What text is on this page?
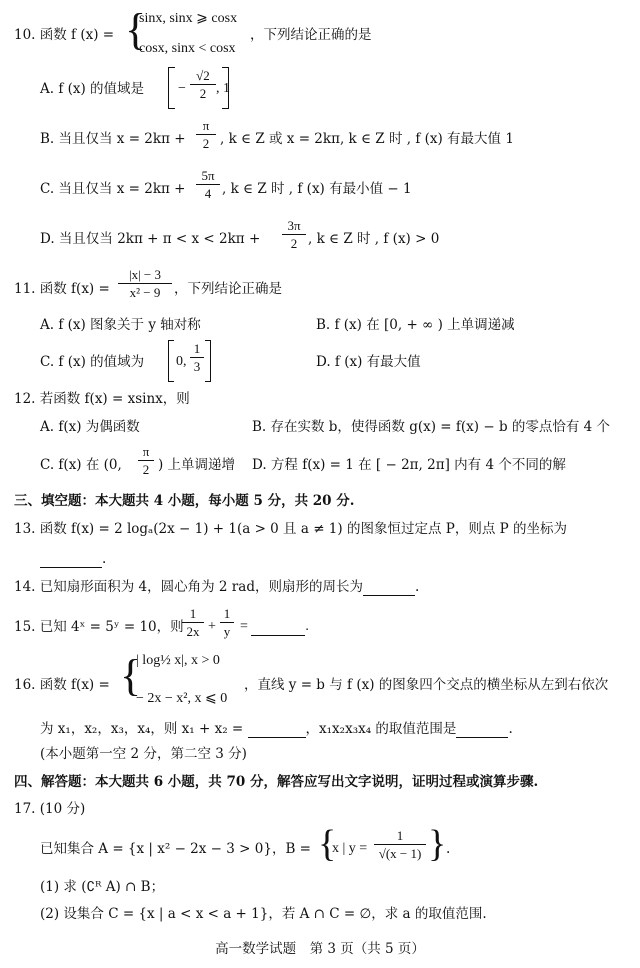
10. 函数 f (x) = {
sinx, sinx ⩾ cosx
cosx, sinx < cosx
，下列结论正确的是
A. f (x) 的值域是 −
√2
2 , 1
B. 当且仅当 x = 2kπ +
π
2 , k ∈ Z 或 x = 2kπ, k ∈ Z 时 , f (x) 有最大值 1
C. 当且仅当 x = 2kπ +
5π
4 , k ∈ Z 时 , f (x) 有最小值 − 1
D. 当且仅当 2kπ + π < x < 2kπ +
3π
2 , k ∈ Z 时 , f (x) > 0
11. 函数 f(x) =
|x| − 3
x² − 9	，下列结论正确是
A. f (x) 图象关于 y 轴对称	B. f (x) 在 [0, + ∞ ) 上单调递减
C. f (x) 的值域为 0,
1
3	D. f (x) 有最大值
12. 若函数 f(x) = xsinx，则
A. f(x) 为偶函数	B. 存在实数 b，使得函数 g(x) = f(x) − b 的零点恰有 4 个
C. f(x) 在 (0,
π
2 ) 上单调递增 D. 方程 f(x) = 1 在 [ − 2π, 2π] 内有 4 个不同的解
三、填空题：本大题共 4 小题，每小题 5 分，共 20 分.
13. 函数 f(x) = 2 logₐ(2x − 1) + 1(a > 0 且 a ≠ 1) 的图象恒过定点 P，则点 P 的坐标为
.
14. 已知扇形面积为 4，圆心角为 2 rad，则扇形的周长为	.
15. 已知 4ˣ = 5ʸ = 10，则
1
2x +
1
y =	.
16. 函数 f(x) = {
| log½ x|, x > 0
− 2x − x², x ⩽ 0
，直线 y = b 与 f (x) 的图象四个交点的横坐标从左到右依次
为 x₁，x₂，x₃，x₄，则 x₁ + x₂ =	，x₁x₂x₃x₄ 的取值范围是	.
(本小题第一空 2 分，第二空 3 分)
四、解答题：本大题共 6 小题，共 70 分，解答应写出文字说明，证明过程或演算步骤.
17. (10 分)
已知集合 A = {x | x² − 2x − 3 > 0}，B = {
x | y =
1
√(x − 1) } .
(1) 求 (∁ᴿ A) ∩ B；
(2) 设集合 C = {x | a < x < a + 1}，若 A ∩ C = ∅，求 a 的取值范围.
高一数学试题　第 3 页（共 5 页）
